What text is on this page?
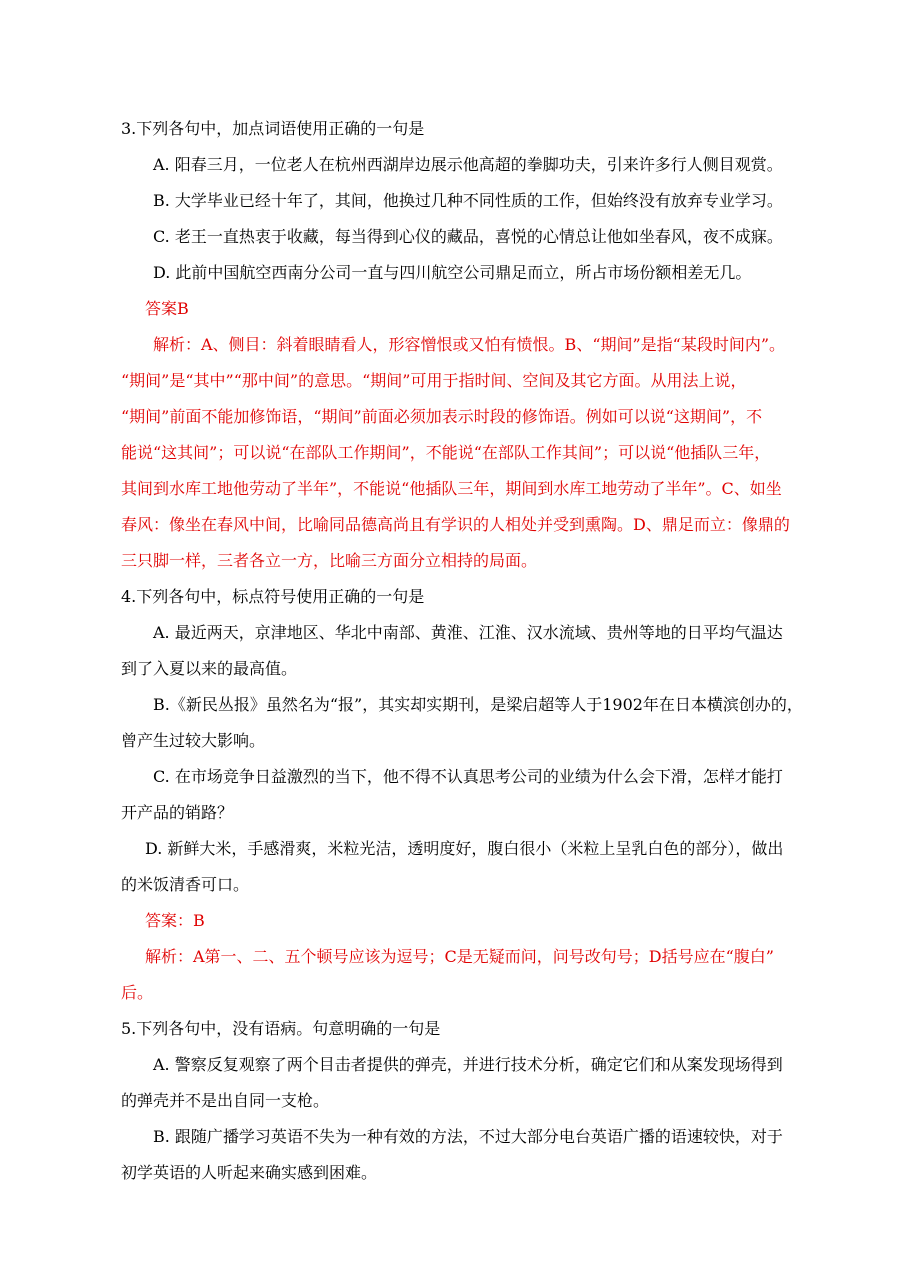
3.下列各句中，加点词语使用正确的一句是
A. 阳春三月，一位老人在杭州西湖岸边展示他高超的拳脚功夫，引来许多行人侧目观赏。
B. 大学毕业已经十年了，其间，他换过几种不同性质的工作，但始终没有放弃专业学习。
C. 老王一直热衷于收藏，每当得到心仪的藏品，喜悦的心情总让他如坐春风，夜不成寐。
D. 此前中国航空西南分公司一直与四川航空公司鼎足而立，所占市场份额相差无几。
答案B
解析：A、侧目：斜着眼睛看人，形容憎恨或又怕有愤恨。B、“期间”是指“某段时间内”。
“期间”是“其中”“那中间”的意思。“期间”可用于指时间、空间及其它方面。从用法上说，
“期间”前面不能加修饰语，“期间”前面必须加表示时段的修饰语。例如可以说“这期间”，不
能说“这其间”；可以说“在部队工作期间”，不能说“在部队工作其间”；可以说“他插队三年，
其间到水库工地他劳动了半年”，不能说“他插队三年，期间到水库工地劳动了半年”。C、如坐
春风：像坐在春风中间，比喻同品德高尚且有学识的人相处并受到熏陶。D、鼎足而立：像鼎的
三只脚一样，三者各立一方，比喻三方面分立相持的局面。
4.下列各句中，标点符号使用正确的一句是
A. 最近两天，京津地区、华北中南部、黄淮、江淮、汉水流域、贵州等地的日平均气温达
到了入夏以来的最高值。
B.《新民丛报》虽然名为“报”，其实却实期刊，是梁启超等人于1902年在日本横滨创办的，
曾产生过较大影响。
C. 在市场竞争日益激烈的当下，他不得不认真思考公司的业绩为什么会下滑，怎样才能打
开产品的销路？
D. 新鲜大米，手感滑爽，米粒光洁，透明度好，腹白很小（米粒上呈乳白色的部分），做出
的米饭清香可口。
答案：B
解析：A第一、二、五个顿号应该为逗号；C是无疑而问，问号改句号；D括号应在“腹白”
后。
5.下列各句中，没有语病。句意明确的一句是
A. 警察反复观察了两个目击者提供的弹壳，并进行技术分析，确定它们和从案发现场得到
的弹壳并不是出自同一支枪。
B. 跟随广播学习英语不失为一种有效的方法，不过大部分电台英语广播的语速较快，对于
初学英语的人听起来确实感到困难。
